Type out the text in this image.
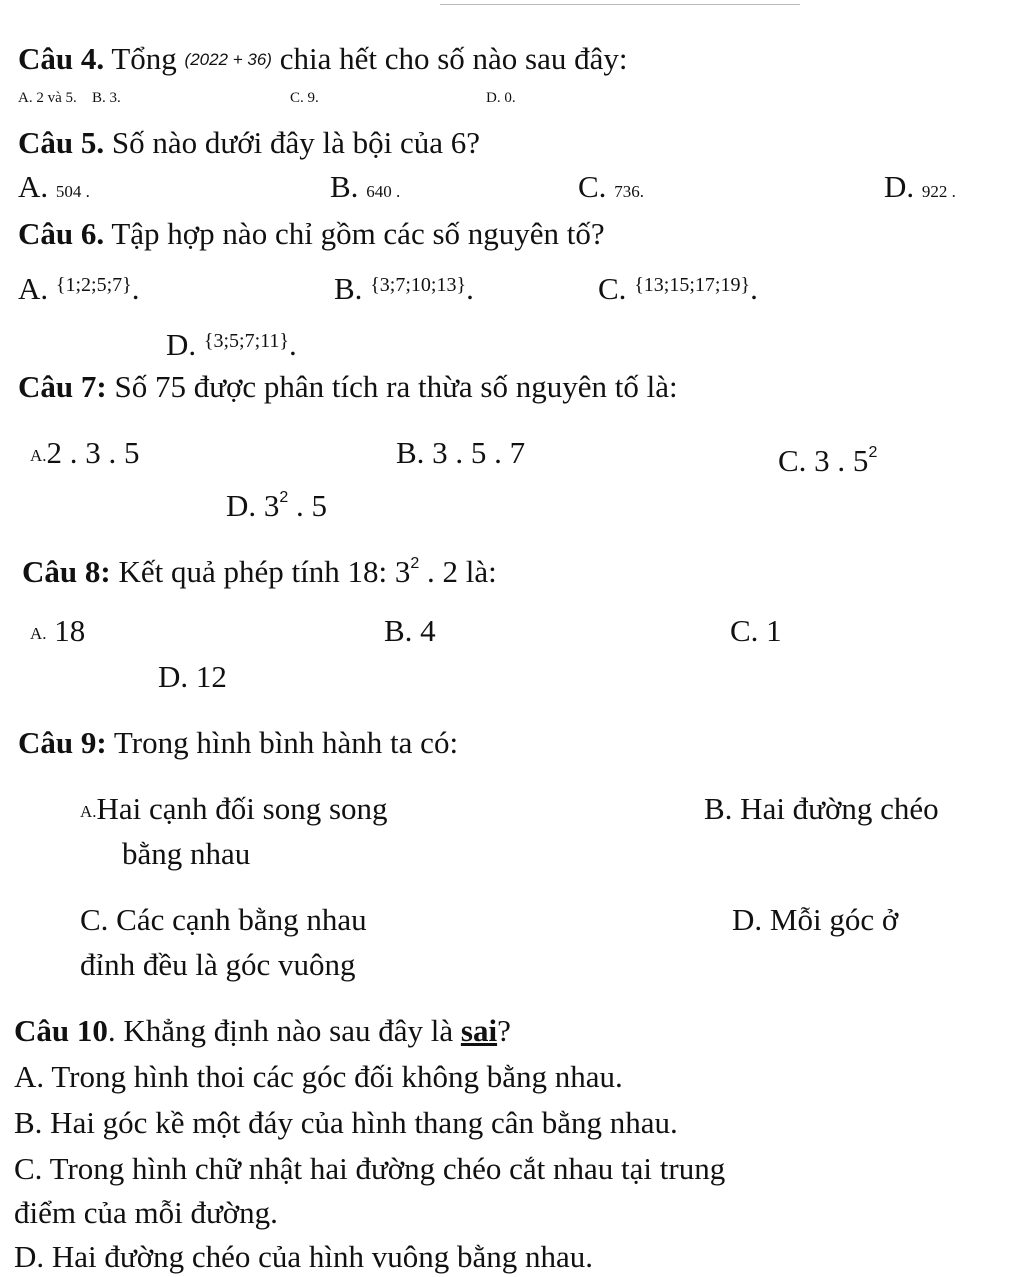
Câu 4. Tổng (2022 + 36) chia hết cho số nào sau đây:
A. 2 và 5. B. 3.	C. 9.	D. 0.
Câu 5. Số nào dưới đây là bội của 6?
A. 504 .	B. 640 .	C. 736.	D. 922 .
Câu 6. Tập hợp nào chỉ gồm các số nguyên tố?
A. $^{\{1;2;5;7\}}$.	B. $^{\{3;7;10;13\}}$.	C. $^{\{13;15;17;19\}}$.
D. $^{\{3;5;7;11\}}$.
Câu 7: Số 75 được phân tích ra thừa số nguyên tố là:
A.2 . 3 . 5	B. 3 . 5 . 7	C. 3 . $5^2$
D. $3^2$ . 5
Câu 8: Kết quả phép tính 18: $3^2$ . 2 là:
A. 18	B. 4	C. 1
D. 12
Câu 9: Trong hình bình hành ta có:
A.Hai cạnh đối song song	B. Hai đường chéo
bằng nhau
C. Các cạnh bằng nhau	D. Mỗi góc ở
đỉnh đều là góc vuông
Câu 10. Khẳng định nào sau đây là sai?
A. Trong hình thoi các góc đối không bằng nhau.
B. Hai góc kề một đáy của hình thang cân bằng nhau.
C. Trong hình chữ nhật hai đường chéo cắt nhau tại trung
điểm của mỗi đường.
D. Hai đường chéo của hình vuông bằng nhau.
